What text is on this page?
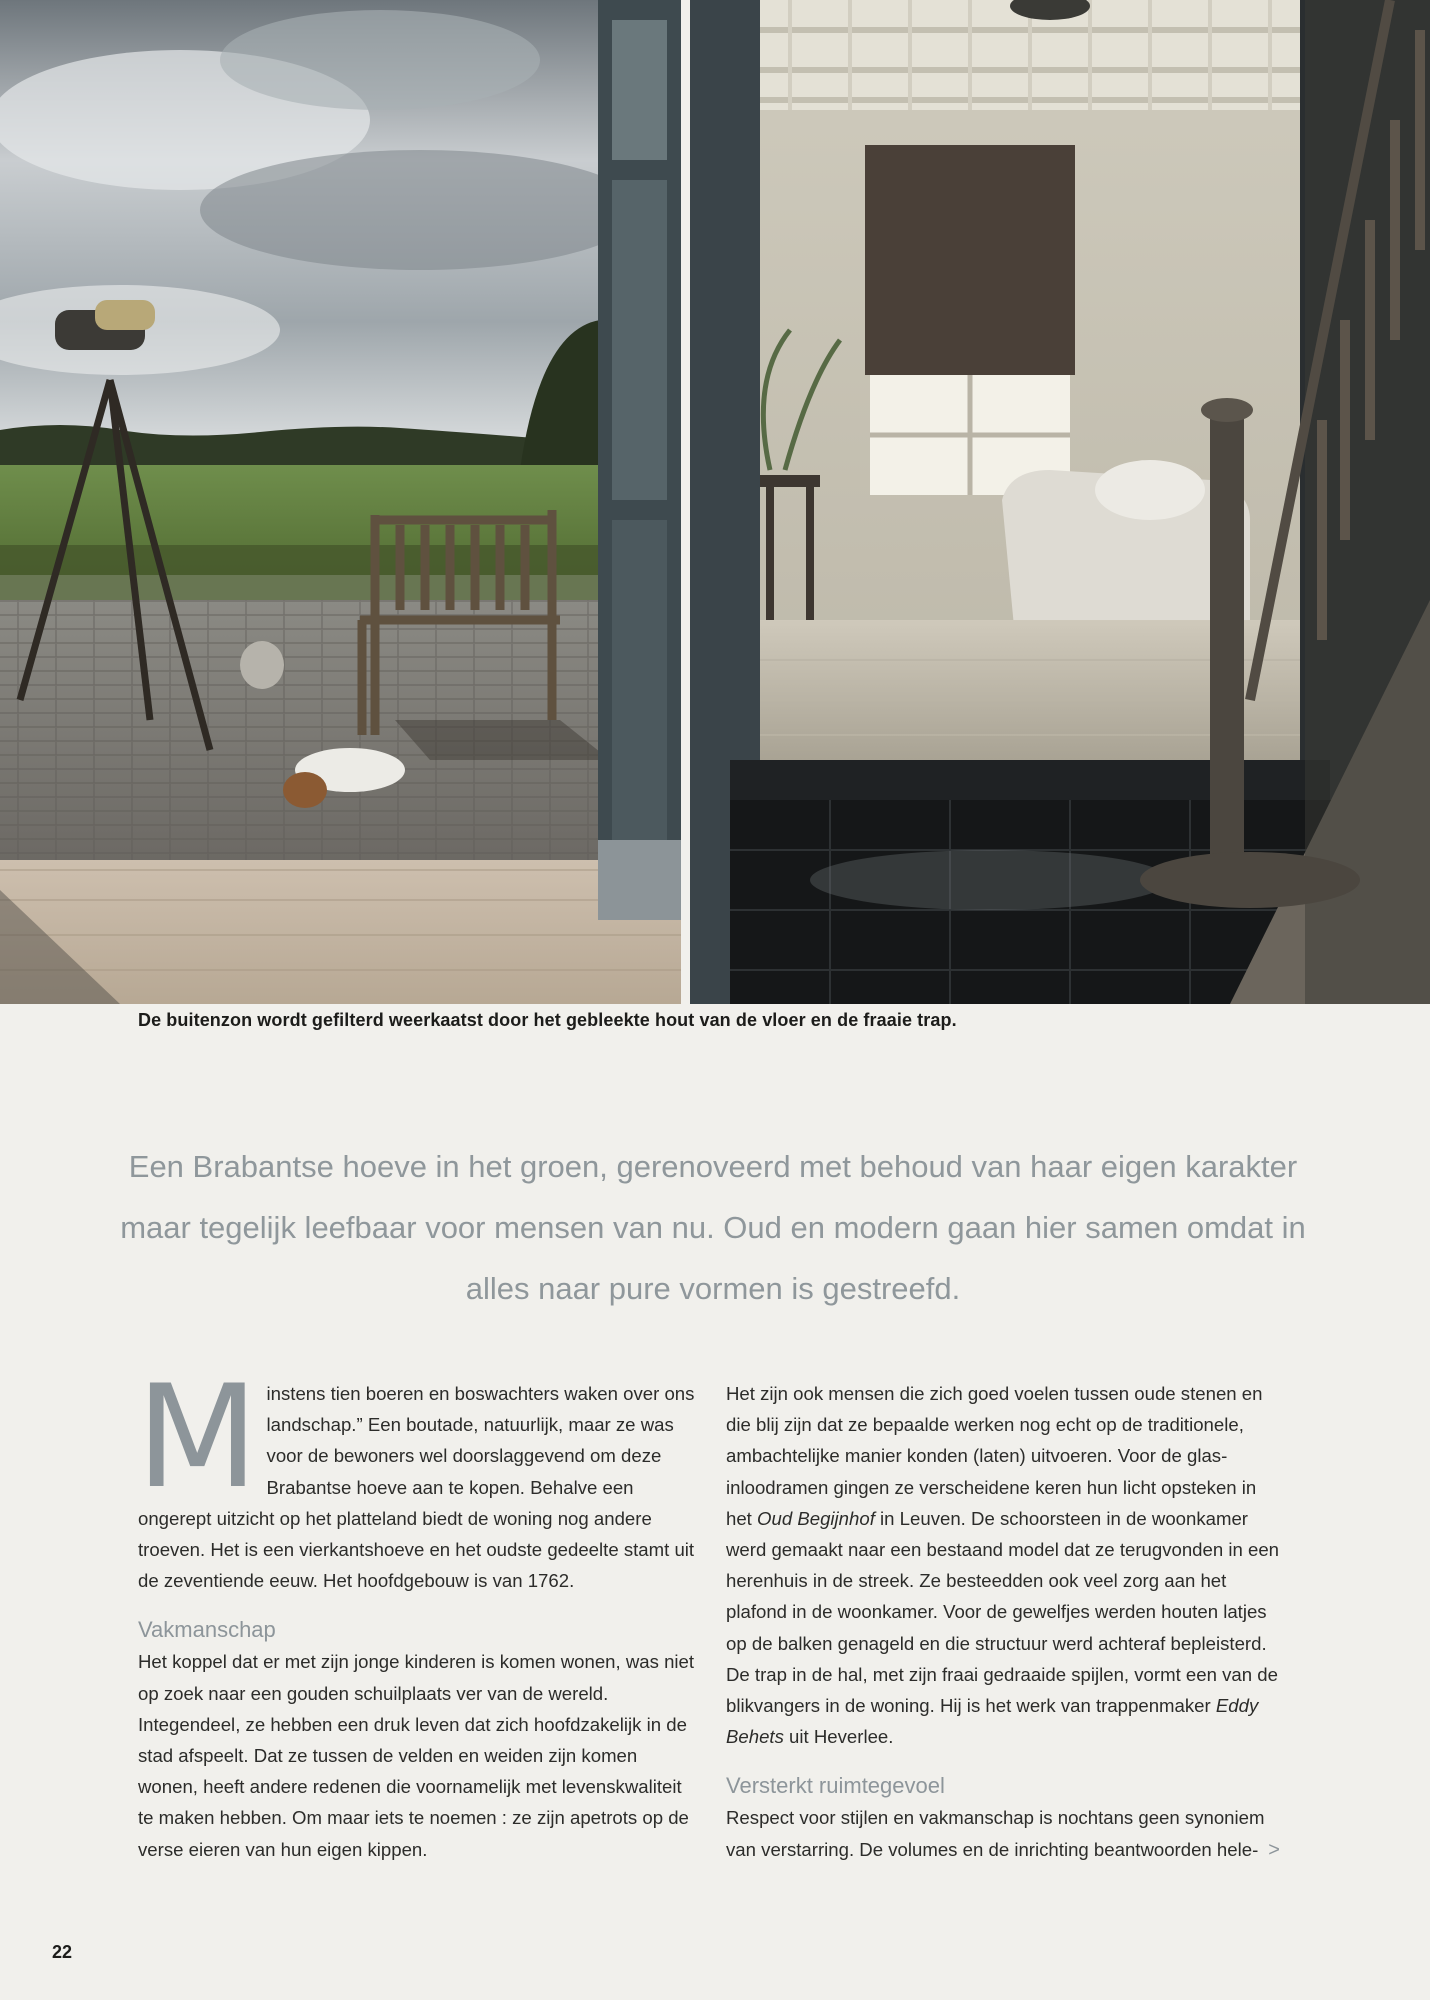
De buitenzon wordt gefilterd weerkaatst door het gebleekte hout van de vloer en de fraaie trap.
Een Brabantse hoeve in het groen, gerenoveerd met behoud van haar eigen karakter maar tegelijk leefbaar voor mensen van nu. Oud en modern gaan hier samen omdat in alles naar pure vormen is gestreefd.

Minstens tien boeren en boswachters waken over ons landschap.” Een boutade, natuurlijk, maar ze was voor de bewoners wel doorslaggevend om deze Brabantse hoeve aan te kopen. Behalve een ongerept uitzicht op het platteland biedt de woning nog andere troeven. Het is een vierkantshoeve en het oudste gedeelte stamt uit de zeventiende eeuw. Het hoofdgebouw is van 1762.

Vakmanschap

Het koppel dat er met zijn jonge kinderen is komen wonen, was niet op zoek naar een gouden schuilplaats ver van de wereld. Integendeel, ze hebben een druk leven dat zich hoofdzakelijk in de stad afspeelt. Dat ze tussen de velden en weiden zijn komen wonen, heeft andere redenen die voornamelijk met levenskwaliteit te maken hebben. Om maar iets te noemen : ze zijn apetrots op de verse eieren van hun eigen kippen.

Het zijn ook mensen die zich goed voelen tussen oude stenen en die blij zijn dat ze bepaalde werken nog echt op de traditionele, ambachtelijke manier konden (laten) uitvoeren. Voor de glas-inloodramen gingen ze verscheidene keren hun licht opsteken in het Oud Begijnhof in Leuven. De schoorsteen in de woonkamer werd gemaakt naar een bestaand model dat ze terugvonden in een herenhuis in de streek. Ze besteedden ook veel zorg aan het plafond in de woonkamer. Voor de gewelfjes werden houten latjes op de balken genageld en die structuur werd achteraf bepleisterd. De trap in de hal, met zijn fraai gedraaide spijlen, vormt een van de blikvangers in de woning. Hij is het werk van trappenmaker Eddy Behets uit Heverlee.

Versterkt ruimtegevoel

Respect voor stijlen en vakmanschap is nochtans geen synoniem van verstarring. De volumes en de inrichting beantwoorden hele- >

22
